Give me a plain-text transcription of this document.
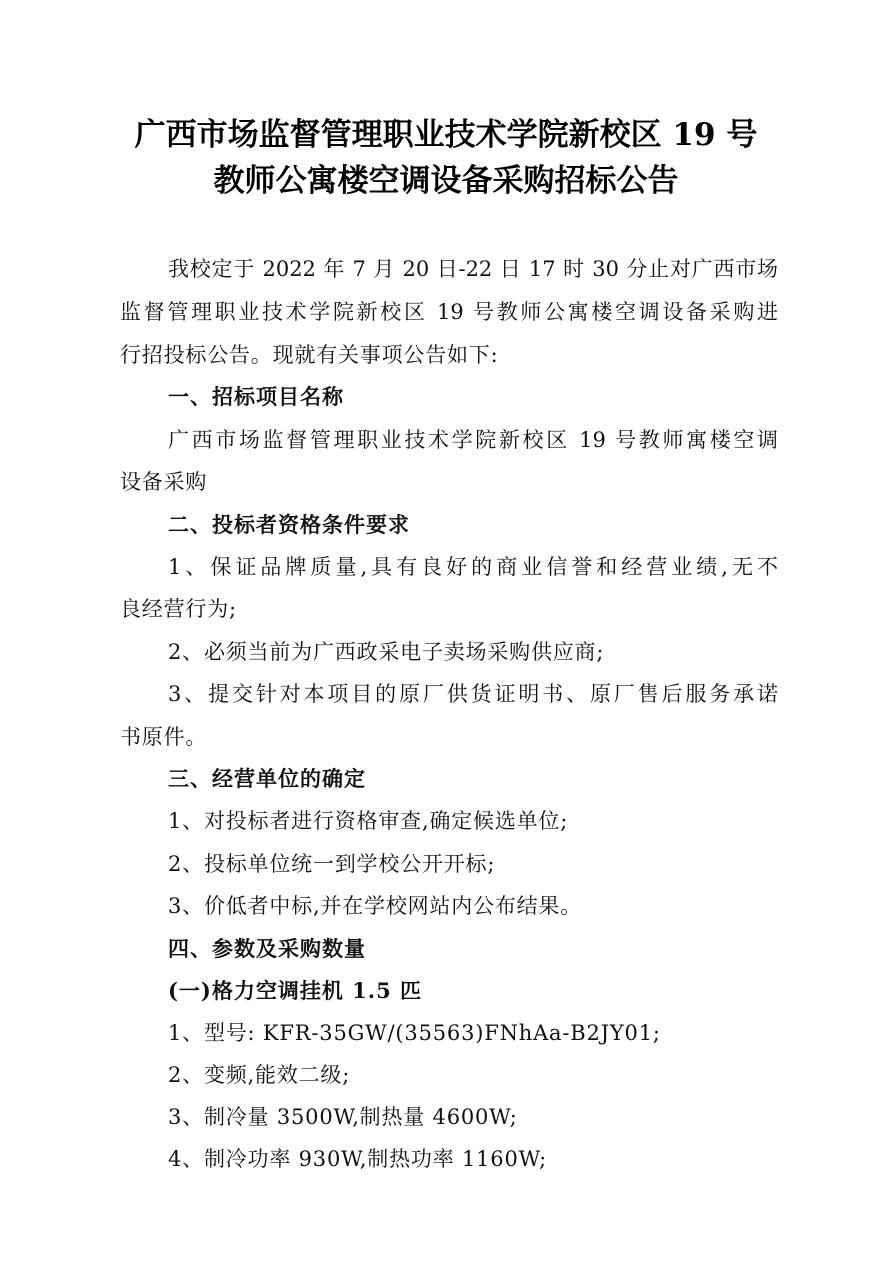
广西市场监督管理职业技术学院新校区 19 号
教师公寓楼空调设备采购招标公告
我校定于 2022 年 7 月 20 日-22 日 17 时 30 分止对广西市场
监督管理职业技术学院新校区 19 号教师公寓楼空调设备采购进
行招投标公告。现就有关事项公告如下:
一、招标项目名称
广西市场监督管理职业技术学院新校区 19 号教师寓楼空调
设备采购
二、投标者资格条件要求
1、保证品牌质量,具有良好的商业信誉和经营业绩,无不
良经营行为;
2、必须当前为广西政采电子卖场采购供应商;
3、提交针对本项目的原厂供货证明书、原厂售后服务承诺
书原件。
三、经营单位的确定
1、对投标者进行资格审查,确定候选单位;
2、投标单位统一到学校公开开标;
3、价低者中标,并在学校网站内公布结果。
四、参数及采购数量
(一)格力空调挂机 1.5 匹
1、型号: KFR-35GW/(35563)FNhAa-B2JY01;
2、变频,能效二级;
3、制冷量 3500W,制热量 4600W;
4、制冷功率 930W,制热功率 1160W;
